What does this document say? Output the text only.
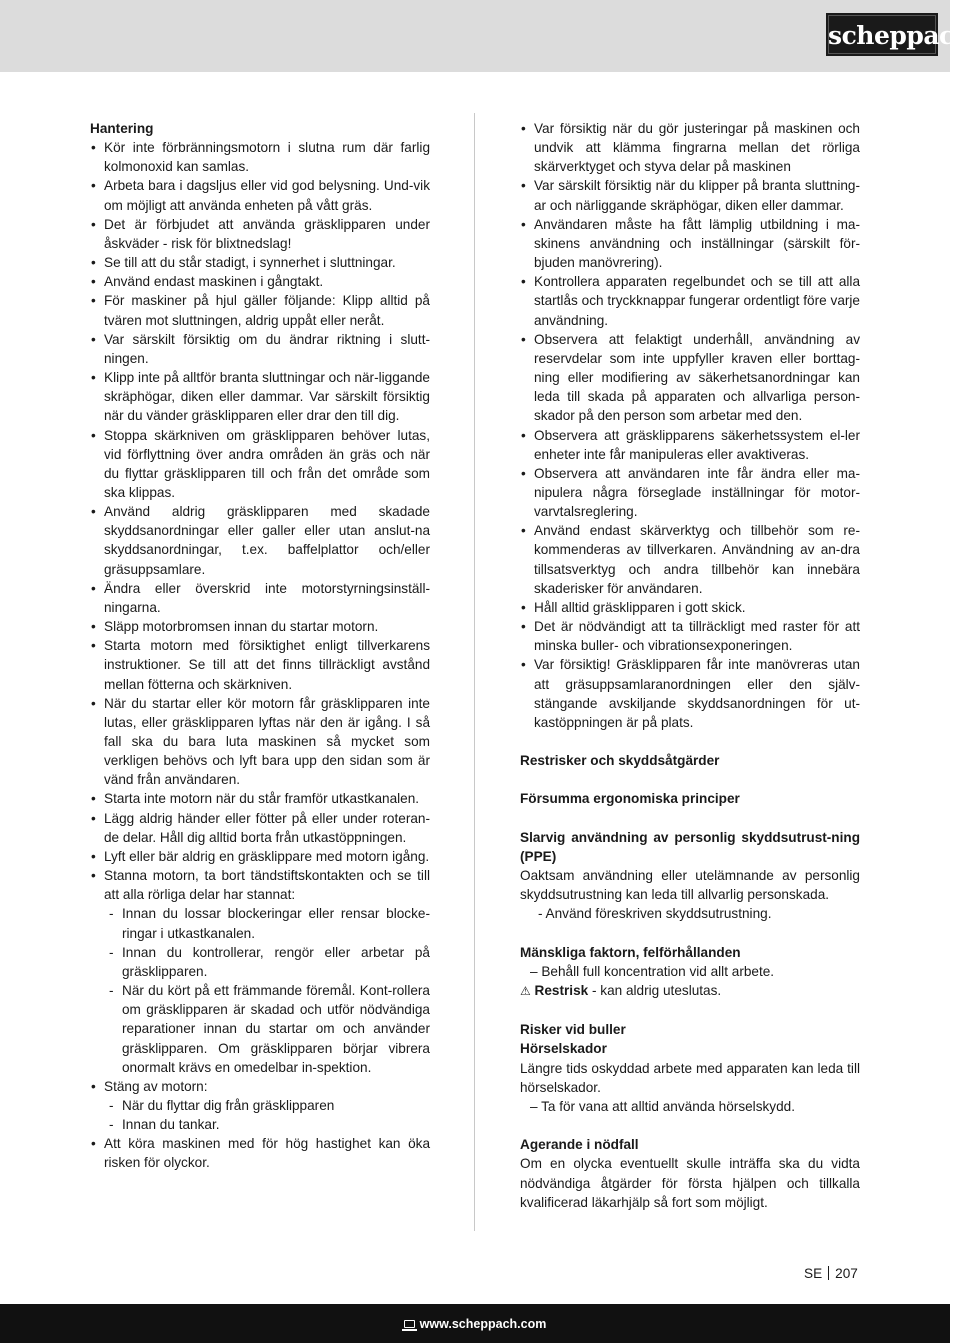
scheppach
Hantering
• Kör inte förbränningsmotorn i slutna rum där farlig kolmonoxid kan samlas.
• Arbeta bara i dagsljus eller vid god belysning. Und-vik om möjligt att använda enheten på vått gräs.
• Det är förbjudet att använda gräsklipparen under åskväder - risk för blixtnedslag!
• Se till att du står stadigt, i synnerhet i sluttningar.
• Använd endast maskinen i gångtakt.
• För maskiner på hjul gäller följande: Klipp alltid på tvären mot sluttningen, aldrig uppåt eller neråt.
• Var särskilt försiktig om du ändrar riktning i slutt-ningen.
• Klipp inte på alltför branta sluttningar och när-liggande skräphögar, diken eller dammar. Var särskilt försiktig när du vänder gräsklipparen eller drar den till dig.
• Stoppa skärkniven om gräsklipparen behöver lutas, vid förflyttning över andra områden än gräs och när du flyttar gräsklipparen till och från det område som ska klippas.
• Använd aldrig gräsklipparen med skadade skyddsanordningar eller galler eller utan anslut-na skyddsanordningar, t.ex. baffelplattor och/eller gräsuppsamlare.
• Ändra eller överskrid inte motorstyrningsinställ-ningarna.
• Släpp motorbromsen innan du startar motorn.
• Starta motorn med försiktighet enligt tillverkarens instruktioner. Se till att det finns tillräckligt avstånd mellan fötterna och skärkniven.
• När du startar eller kör motorn får gräsklipparen inte lutas, eller gräsklipparen lyftas när den är igång. I så fall ska du bara luta maskinen så mycket som verkligen behövs och lyft bara upp den sidan som är vänd från användaren.
• Starta inte motorn när du står framför utkastkanalen.
• Lägg aldrig händer eller fötter på eller under roteran-de delar. Håll dig alltid borta från utkastöppningen.
• Lyft eller bär aldrig en gräsklippare med motorn igång.
• Stanna motorn, ta bort tändstiftskontakten och se till att alla rörliga delar har stannat:
- Innan du lossar blockeringar eller rensar blocke-ringar i utkastkanalen.
- Innan du kontrollerar, rengör eller arbetar på gräsklipparen.
- När du kört på ett främmande föremål. Kont-rollera om gräsklipparen är skadad och utför nödvändiga reparationer innan du startar om och använder gräsklipparen. Om gräsklipparen börjar vibrera onormalt krävs en omedelbar in-spektion.
• Stäng av motorn:
- När du flyttar dig från gräsklipparen
- Innan du tankar.
• Att köra maskinen med för hög hastighet kan öka risken för olyckor.
• Var försiktig när du gör justeringar på maskinen och undvik att klämma fingrarna mellan det rörliga skärverktyget och styva delar på maskinen
• Var särskilt försiktig när du klipper på branta sluttning-ar och närliggande skräphögar, diken eller dammar.
• Användaren måste ha fått lämplig utbildning i ma-skinens användning och inställningar (särskilt för-bjuden manövrering).
• Kontrollera apparaten regelbundet och se till att alla startlås och tryckknappar fungerar ordentligt före varje användning.
• Observera att felaktigt underhåll, användning av reservdelar som inte uppfyller kraven eller borttag-ning eller modifiering av säkerhetsanordningar kan leda till skada på apparaten och allvarliga person-skador på den person som arbetar med den.
• Observera att gräsklipparens säkerhetssystem el-ler enheter inte får manipuleras eller avaktiveras.
• Observera att användaren inte får ändra eller ma-nipulera några förseglade inställningar för motor-varvtalsreglering.
• Använd endast skärverktyg och tillbehör som re-kommenderas av tillverkaren. Användning av an-dra tillsatsverktyg och andra tillbehör kan innebära skaderisker för användaren.
• Håll alltid gräsklipparen i gott skick.
• Det är nödvändigt att ta tillräckligt med raster för att minska buller- och vibrationsexponeringen.
• Var försiktig! Gräsklipparen får inte manövreras utan att gräsuppsamlaranordningen eller den själv-stängande avskiljande skyddsanordningen för ut-kastöppningen är på plats.
Restrisker och skyddsåtgärder
Försumma ergonomiska principer
Slarvig användning av personlig skyddsutrust-ning (PPE)
Oaktsam användning eller utelämnande av personlig skyddsutrustning kan leda till allvarlig personskada.
- Använd föreskriven skyddsutrustning.
Mänskliga faktorn, felförhållanden
– Behåll full koncentration vid allt arbete.
⚠ Restrisk - kan aldrig uteslutas.
Risker vid buller
Hörselskador
Längre tids oskyddad arbete med apparaten kan leda till hörselskador.
– Ta för vana att alltid använda hörselskydd.
Agerande i nödfall
Om en olycka eventuellt skulle inträffa ska du vidta nödvändiga åtgärder för första hjälpen och tillkalla kvalificerad läkarhjälp så fort som möjligt.
SE 207
www.scheppach.com
